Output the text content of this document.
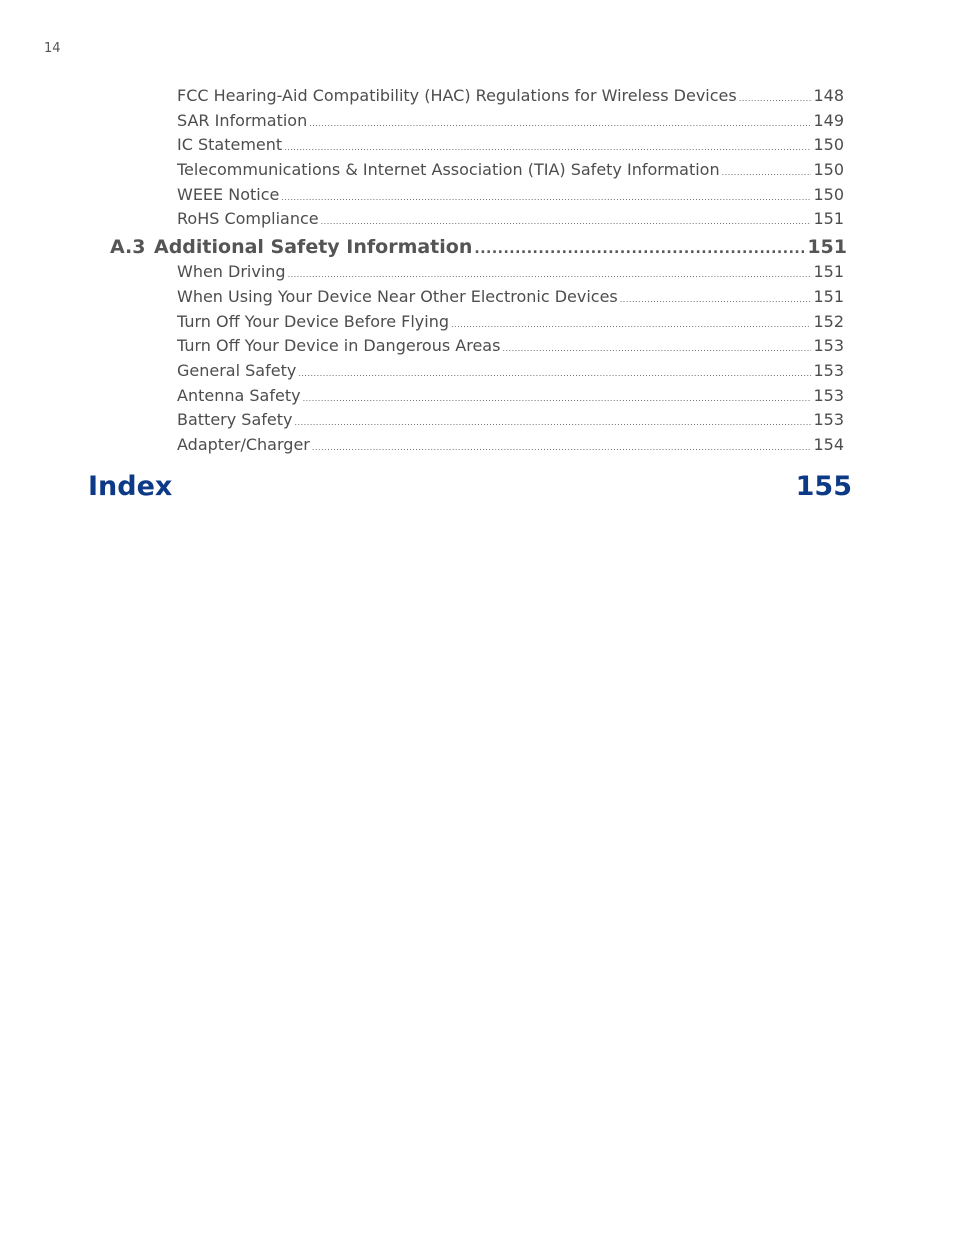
14
FCC Hearing-Aid Compatibility (HAC) Regulations for Wireless Devices .....	148
SAR Information .....	149
IC Statement .....	150
Telecommunications & Internet Association (TIA) Safety Information .....	150
WEEE Notice .....	150
RoHS Compliance .....	151
A.3 Additional Safety Information .....	151
When Driving .....	151
When Using Your Device Near Other Electronic Devices .....	151
Turn Off Your Device Before Flying .....	152
Turn Off Your Device in Dangerous Areas .....	153
General Safety .....	153
Antenna Safety .....	153
Battery Safety .....	153
Adapter/Charger .....	154
Index	155
